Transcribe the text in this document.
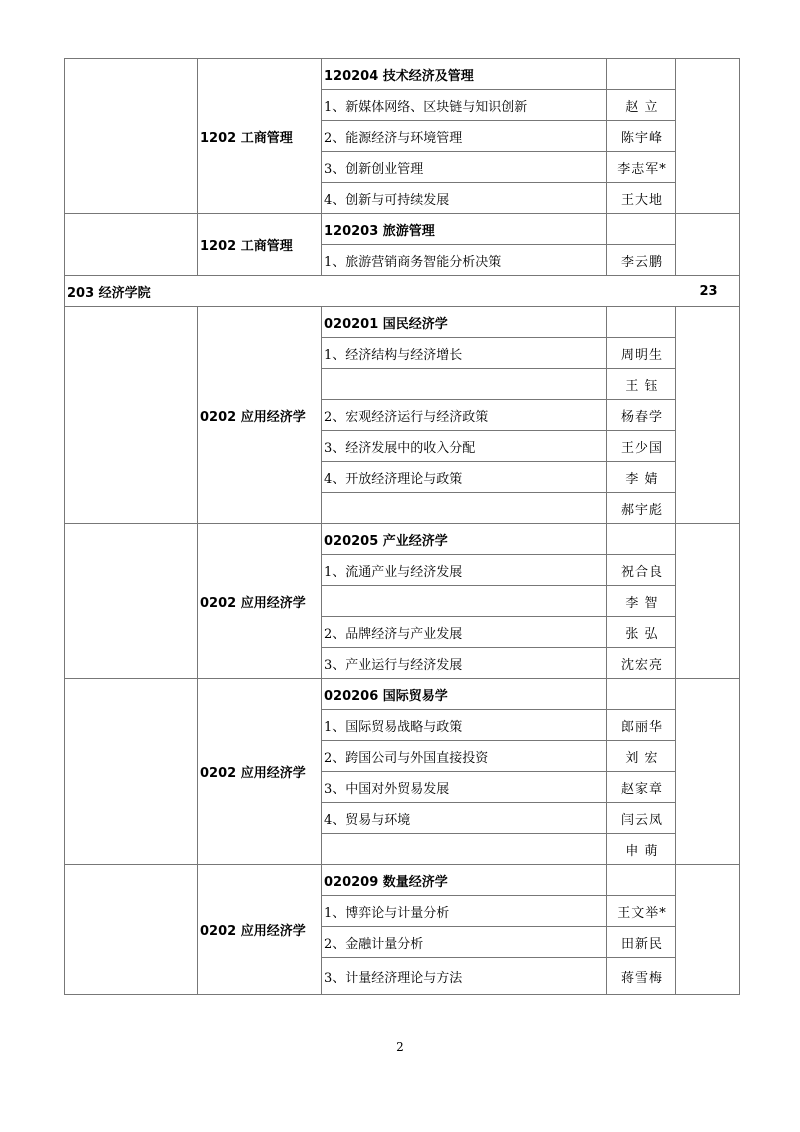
	1202 工商管理	120204 技术经济及管理		
		1、新媒体网络、区块链与知识创新	赵 立	
		2、能源经济与环境管理	陈宇峰	
		3、创新创业管理	李志军*	
		4、创新与可持续发展	王大地	
	1202 工商管理	120203 旅游管理		
		1、旅游营销商务智能分析决策	李云鹏	
203 经济学院				23
	0202 应用经济学	020201 国民经济学		
		1、经济结构与经济增长	周明生	
			王 钰	
		2、宏观经济运行与经济政策	杨春学	
		3、经济发展中的收入分配	王少国	
		4、开放经济理论与政策	李 婧	
			郝宇彪	
	0202 应用经济学	020205 产业经济学		
		1、流通产业与经济发展	祝合良	
			李 智	
		2、品牌经济与产业发展	张 弘	
		3、产业运行与经济发展	沈宏亮	
	0202 应用经济学	020206 国际贸易学		
		1、国际贸易战略与政策	郎丽华	
		2、跨国公司与外国直接投资	刘 宏	
		3、中国对外贸易发展	赵家章	
		4、贸易与环境	闫云凤	
			申 萌	
	0202 应用经济学	020209 数量经济学		
		1、博弈论与计量分析	王文举*	
		2、金融计量分析	田新民	
		3、计量经济理论与方法	蒋雪梅	
2
